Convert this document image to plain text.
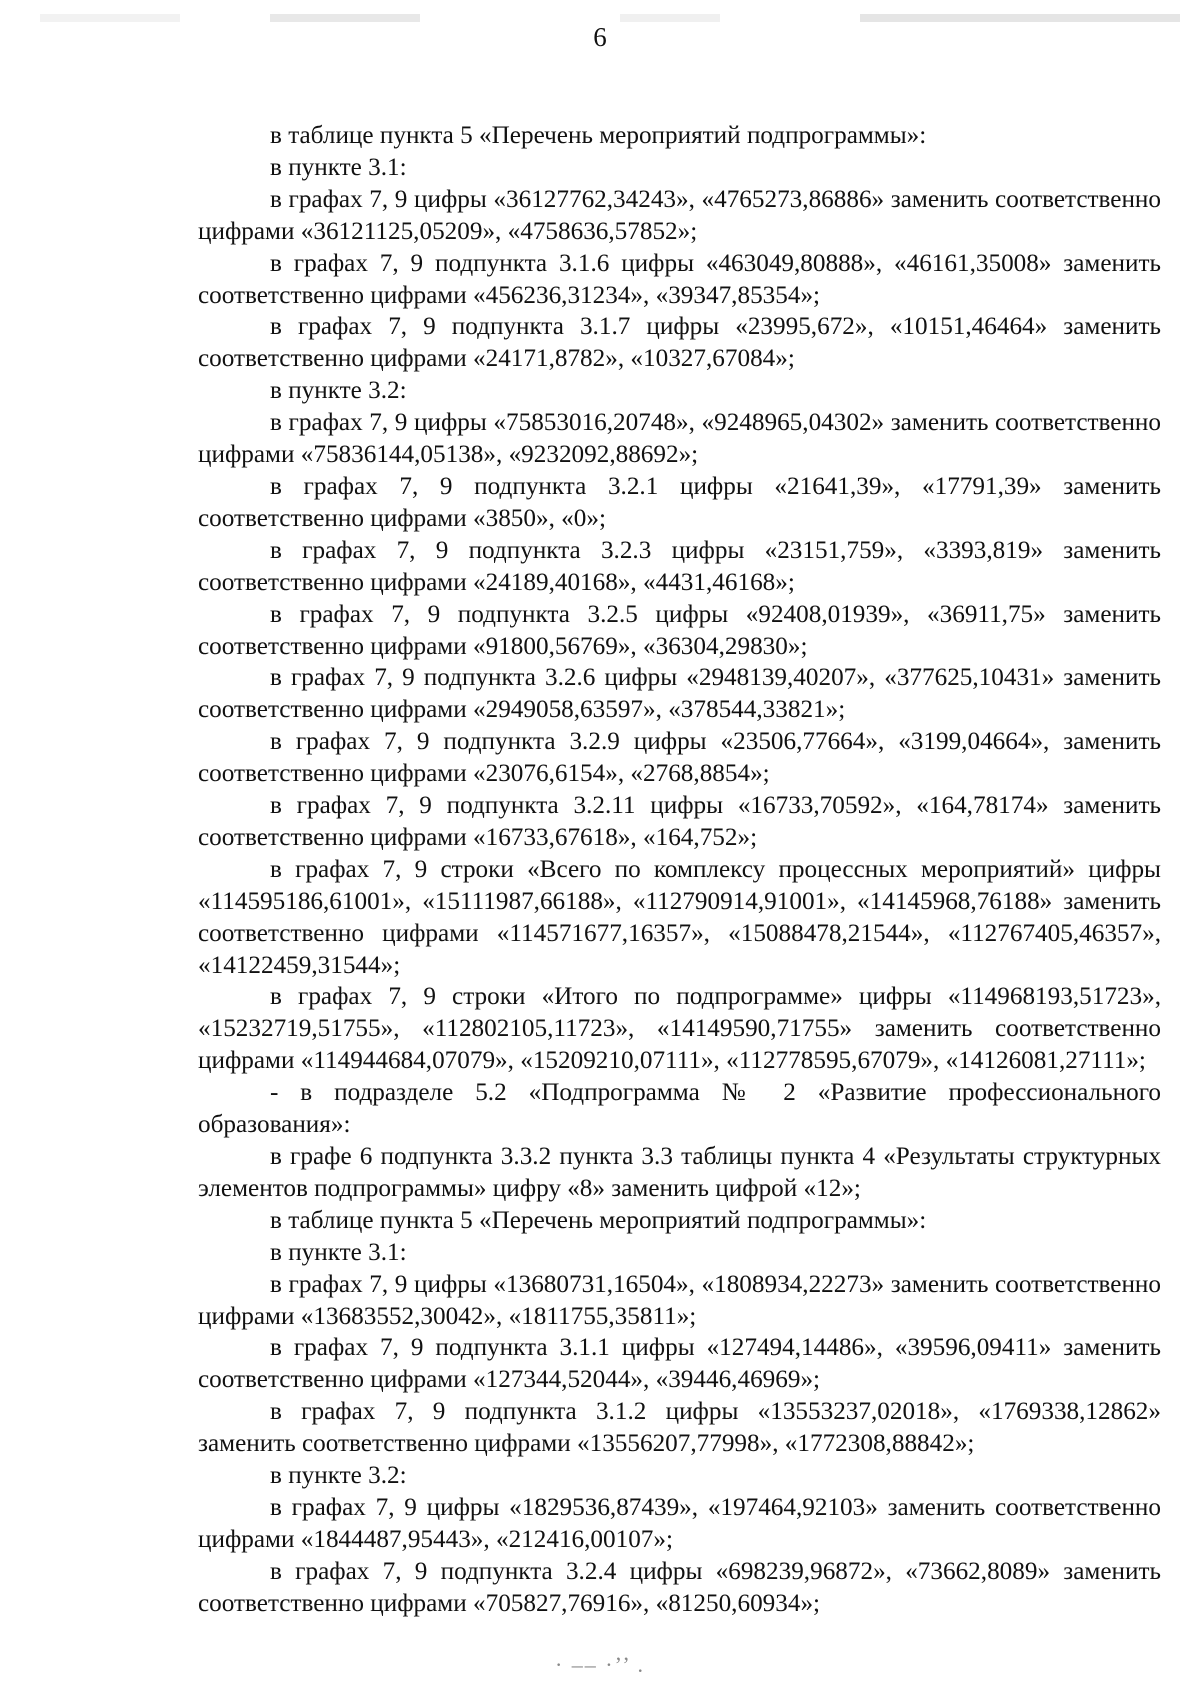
6

в таблице пункта 5 «Перечень мероприятий подпрограммы»:

в пункте 3.1:

в графах 7, 9 цифры «36127762,34243», «4765273,86886» заменить соответственно цифрами «36121125,05209», «4758636,57852»;

в графах 7, 9 подпункта 3.1.6 цифры «463049,80888», «46161,35008» заменить соответственно цифрами «456236,31234», «39347,85354»;

в графах 7, 9 подпункта 3.1.7 цифры «23995,672», «10151,46464» заменить соответственно цифрами «24171,8782», «10327,67084»;

в пункте 3.2:

в графах 7, 9 цифры «75853016,20748», «9248965,04302» заменить соответственно цифрами «75836144,05138», «9232092,88692»;

в графах 7, 9 подпункта 3.2.1 цифры «21641,39», «17791,39» заменить соответственно цифрами «3850», «0»;

в графах 7, 9 подпункта 3.2.3 цифры «23151,759», «3393,819» заменить соответственно цифрами «24189,40168», «4431,46168»;

в графах 7, 9 подпункта 3.2.5 цифры «92408,01939», «36911,75» заменить соответственно цифрами «91800,56769», «36304,29830»;

в графах 7, 9 подпункта 3.2.6 цифры «2948139,40207», «377625,10431» заменить соответственно цифрами «2949058,63597», «378544,33821»;

в графах 7, 9 подпункта 3.2.9 цифры «23506,77664», «3199,04664», заменить соответственно цифрами «23076,6154», «2768,8854»;

в графах 7, 9 подпункта 3.2.11 цифры «16733,70592», «164,78174» заменить соответственно цифрами «16733,67618», «164,752»;

в графах 7, 9 строки «Всего по комплексу процессных мероприятий» цифры «114595186,61001», «15111987,66188», «112790914,91001», «14145968,76188» заменить соответственно цифрами «114571677,16357», «15088478,21544», «112767405,46357», «14122459,31544»;

в графах 7, 9 строки «Итого по подпрограмме» цифры «114968193,51723», «15232719,51755», «112802105,11723», «14149590,71755» заменить соответственно цифрами «114944684,07079», «15209210,07111», «112778595,67079», «14126081,27111»;

- в подразделе 5.2 «Подпрограмма № 2 «Развитие профессионального образования»:

в графе 6 подпункта 3.3.2 пункта 3.3 таблицы пункта 4 «Результаты структурных элементов подпрограммы» цифру «8» заменить цифрой «12»;

в таблице пункта 5 «Перечень мероприятий подпрограммы»:

в пункте 3.1:

в графах 7, 9 цифры «13680731,16504», «1808934,22273» заменить соответственно цифрами «13683552,30042», «1811755,35811»;

в графах 7, 9 подпункта 3.1.1 цифры «127494,14486», «39596,09411» заменить соответственно цифрами «127344,52044», «39446,46969»;

в графах 7, 9 подпункта 3.1.2 цифры «13553237,02018», «1769338,12862» заменить соответственно цифрами «13556207,77998», «1772308,88842»;

в пункте 3.2:

в графах 7, 9 цифры «1829536,87439», «197464,92103» заменить соответственно цифрами «1844487,95443», «212416,00107»;

в графах 7, 9 подпункта 3.2.4 цифры «698239,96872», «73662,8089» заменить соответственно цифрами «705827,76916», «81250,60934»;

· ‒– ·’’ .
